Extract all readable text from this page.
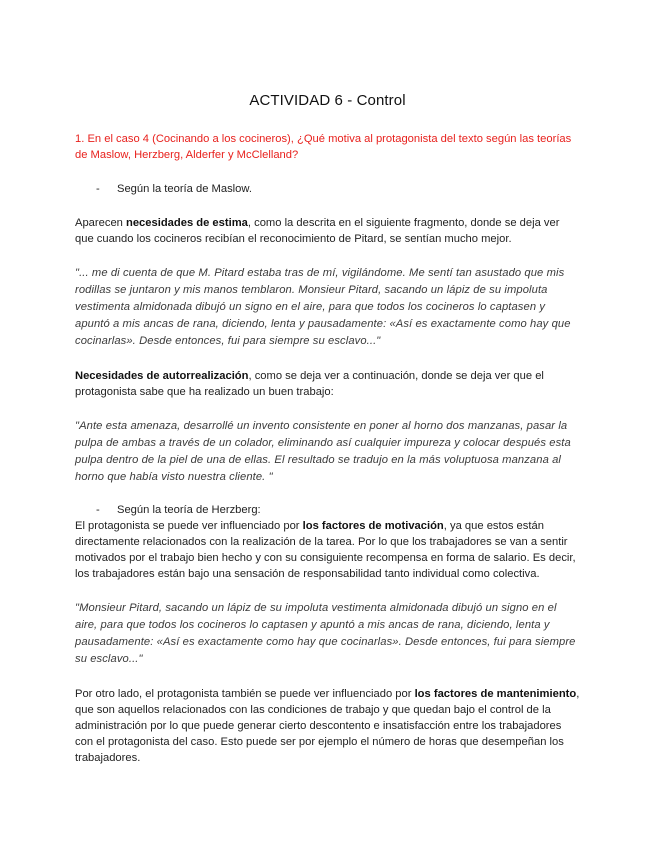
ACTIVIDAD 6 - Control

1. En el caso 4 (Cocinando a los cocineros), ¿Qué motiva al protagonista del texto según las teorías de Maslow, Herzberg, Alderfer y McClelland?

-	Según la teoría de Maslow.

Aparecen necesidades de estima, como la descrita en el siguiente fragmento, donde se deja ver que cuando los cocineros recibían el reconocimiento de Pitard, se sentían mucho mejor.

"... me di cuenta de que M. Pitard estaba tras de mí, vigilándome. Me sentí tan asustado que mis rodillas se juntaron y mis manos temblaron. Monsieur Pitard, sacando un lápiz de su impoluta vestimenta almidonada dibujó un signo en el aire, para que todos los cocineros lo captasen y apuntó a mis ancas de rana, diciendo, lenta y pausadamente: «Así es exactamente como hay que cocinarlas». Desde entonces, fui para siempre su esclavo..."

Necesidades de autorrealización, como se deja ver a continuación, donde se deja ver que el protagonista sabe que ha realizado un buen trabajo:

"Ante esta amenaza, desarrollé un invento consistente en poner al horno dos manzanas, pasar la pulpa de ambas a través de un colador, eliminando así cualquier impureza y colocar después esta pulpa dentro de la piel de una de ellas. El resultado se tradujo en la más voluptuosa manzana al horno que había visto nuestra cliente. "

-	Según la teoría de Herzberg:

El protagonista se puede ver influenciado por los factores de motivación, ya que estos están directamente relacionados con la realización de la tarea. Por lo que los trabajadores se van a sentir motivados por el trabajo bien hecho y con su consiguiente recompensa en forma de salario. Es decir, los trabajadores están bajo una sensación de responsabilidad tanto individual como colectiva.

"Monsieur Pitard, sacando un lápiz de su impoluta vestimenta almidonada dibujó un signo en el aire, para que todos los cocineros lo captasen y apuntó a mis ancas de rana, diciendo, lenta y pausadamente: «Así es exactamente como hay que cocinarlas». Desde entonces, fui para siempre su esclavo..."

Por otro lado, el protagonista también se puede ver influenciado por los factores de mantenimiento, que son aquellos relacionados con las condiciones de trabajo y que quedan bajo el control de la administración por lo que puede generar cierto descontento e insatisfacción entre los trabajadores con el protagonista del caso. Esto puede ser por ejemplo el número de horas que desempeñan los trabajadores.
